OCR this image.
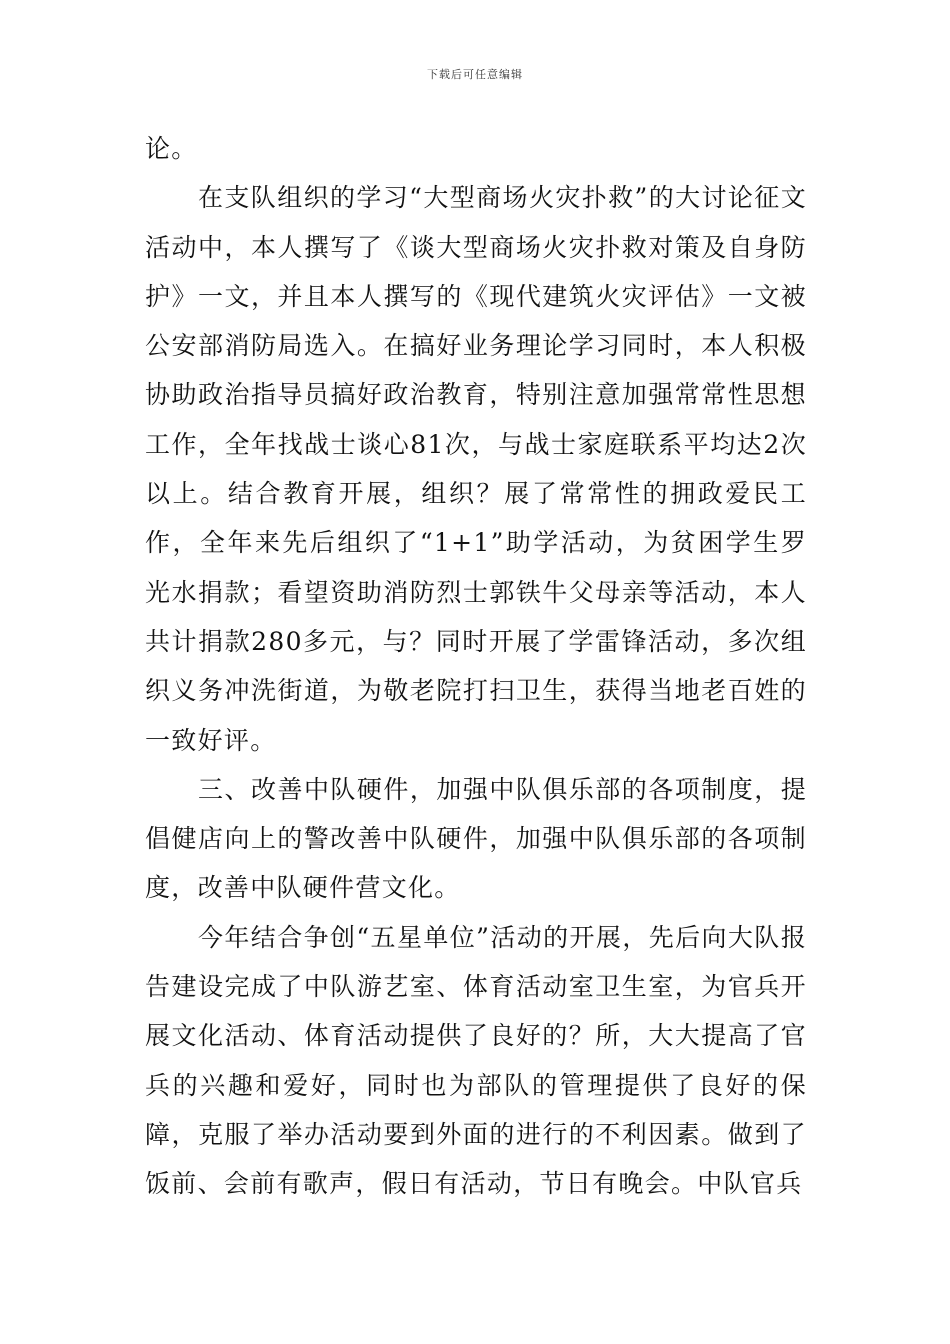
下载后可任意编辑

论。

在支队组织的学习“大型商场火灾扑救”的大讨论征文活动中，本人撰写了《谈大型商场火灾扑救对策及自身防护》一文，并且本人撰写的《现代建筑火灾评估》一文被公安部消防局选入。在搞好业务理论学习同时，本人积极协助政治指导员搞好政治教育，特别注意加强常常性思想工作，全年找战士谈心81次，与战士家庭联系平均达2次以上。结合教育开展，组织？展了常常性的拥政爱民工作，全年来先后组织了“1+1”助学活动，为贫困学生罗光水捐款；看望资助消防烈士郭铁牛父母亲等活动，本人共计捐款280多元，与？同时开展了学雷锋活动，多次组织义务冲洗街道，为敬老院打扫卫生，获得当地老百姓的一致好评。

三、改善中队硬件，加强中队俱乐部的各项制度，提倡健店向上的警改善中队硬件，加强中队俱乐部的各项制度，改善中队硬件营文化。

今年结合争创“五星单位”活动的开展，先后向大队报告建设完成了中队游艺室、体育活动室卫生室，为官兵开展文化活动、体育活动提供了良好的？所，大大提高了官兵的兴趣和爱好，同时也为部队的管理提供了良好的保障，克服了举办活动要到外面的进行的不利因素。做到了饭前、会前有歌声，假日有活动，节日有晚会。中队官兵
